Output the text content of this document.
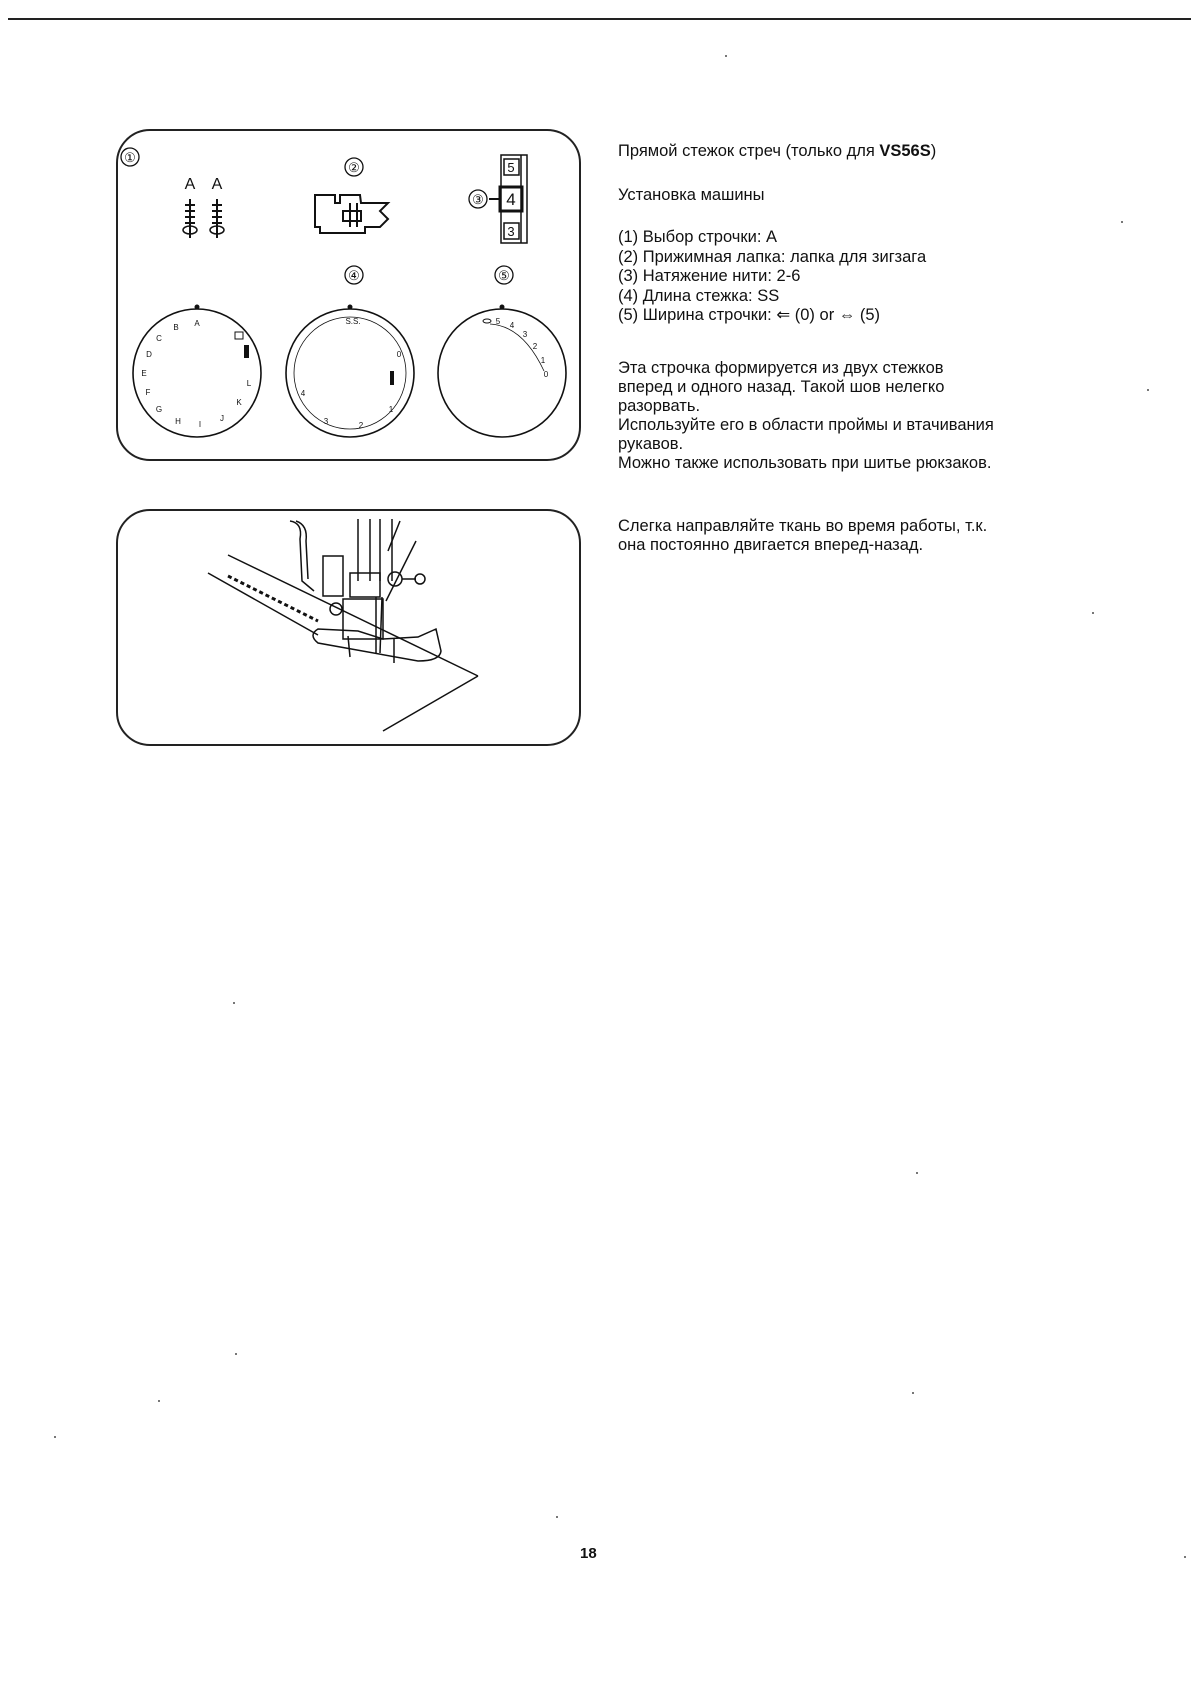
①
A A
②
③
5
4
3
④	⑤
A
B
C
D
E
F
G
H I
J
K
L
S.S.
0
1
2
3
4
5 4
3
2
1
0
Прямой стежок стреч (только для VS56S)
Установка машины
(1) Выбор строчки: А
(2) Прижимная лапка: лапка для зигзага
(3) Натяжение нити: 2-6
(4) Длина стежка: SS
(5) Ширина строчки: ⇐ (0) or ⇔ (5)

Эта строчка формируется из двух стежков

вперед и одного назад. Такой шов нелегко

разорвать.

Используйте его в области проймы и втачивания

рукавов.

Можно также использовать при шитье рюкзаков.

Слегка направляйте ткань во время работы, т.к.

она постоянно двигается вперед-назад.

18
